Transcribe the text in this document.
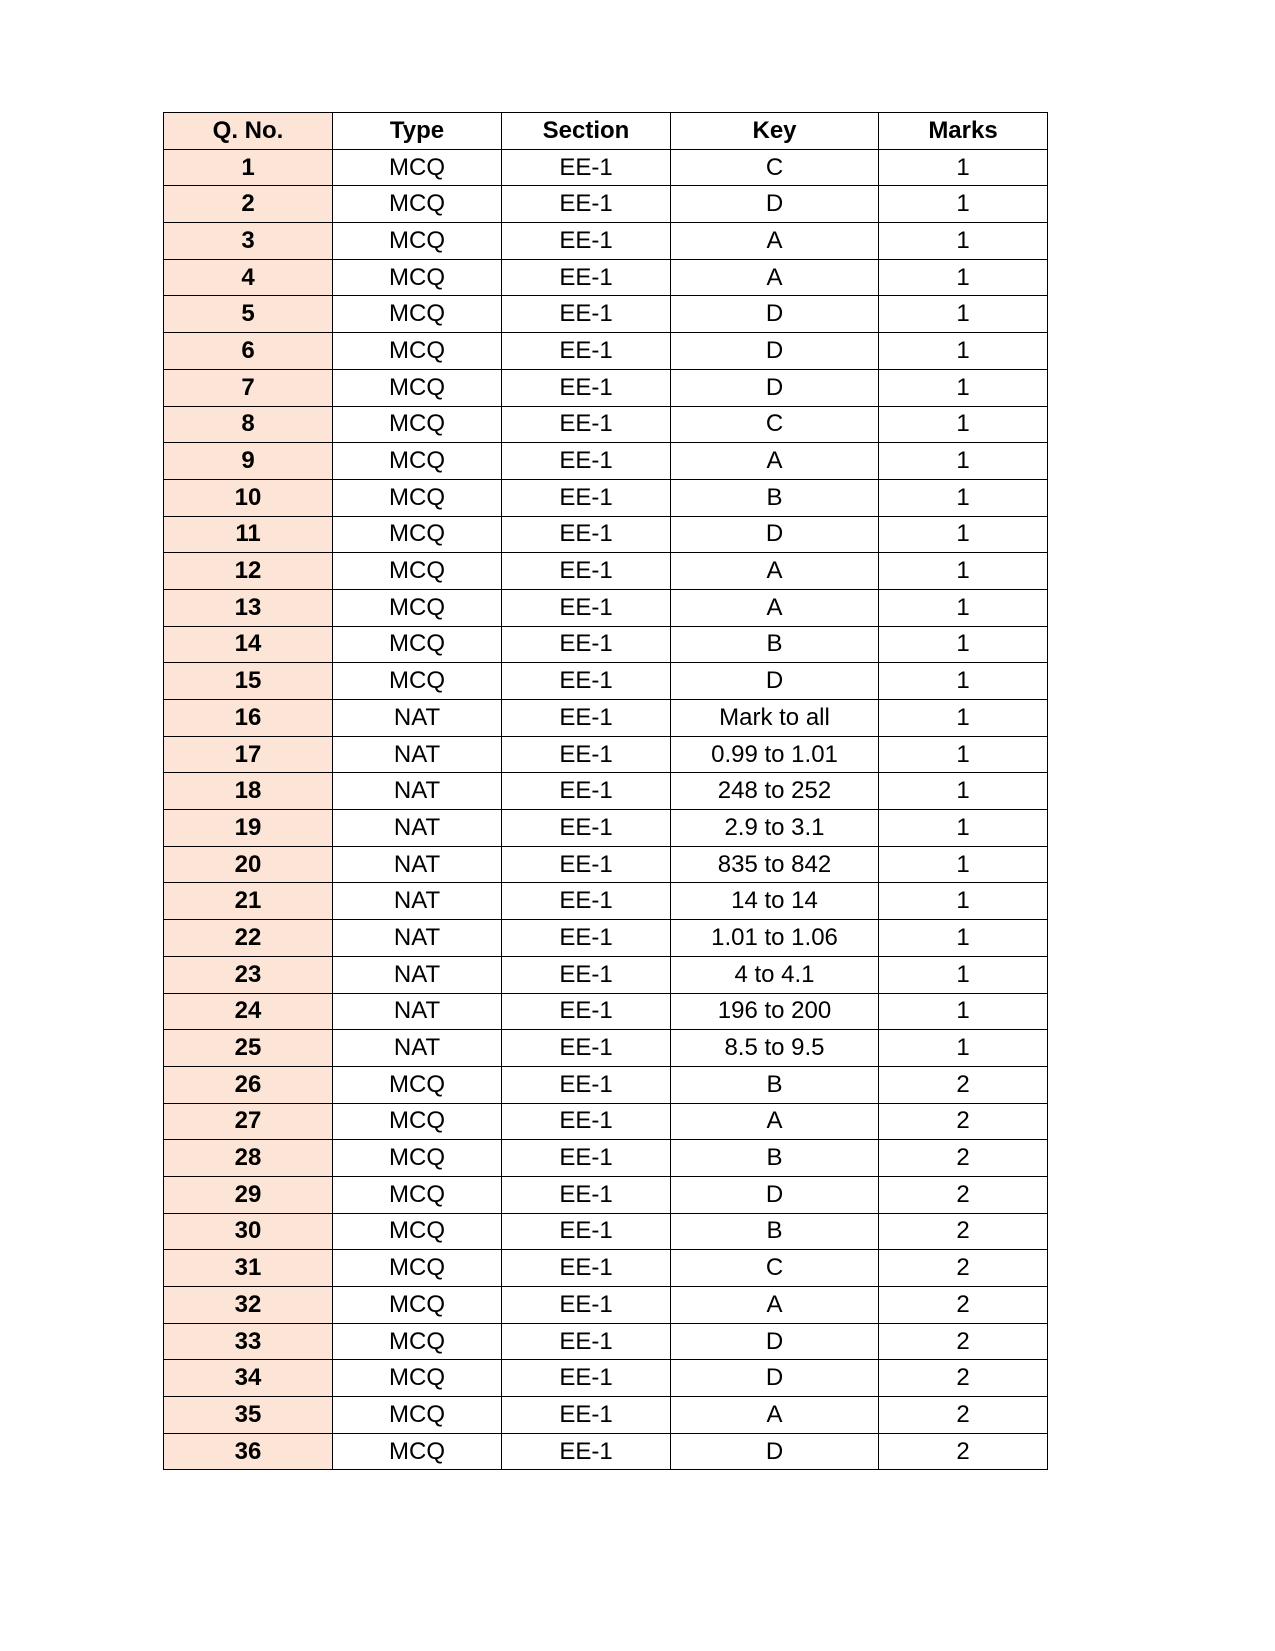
Q. No.	Type	Section	Key	Marks
1	MCQ	EE-1	C	1
2	MCQ	EE-1	D	1
3	MCQ	EE-1	A	1
4	MCQ	EE-1	A	1
5	MCQ	EE-1	D	1
6	MCQ	EE-1	D	1
7	MCQ	EE-1	D	1
8	MCQ	EE-1	C	1
9	MCQ	EE-1	A	1
10	MCQ	EE-1	B	1
11	MCQ	EE-1	D	1
12	MCQ	EE-1	A	1
13	MCQ	EE-1	A	1
14	MCQ	EE-1	B	1
15	MCQ	EE-1	D	1
16	NAT	EE-1	Mark to all	1
17	NAT	EE-1	0.99 to 1.01	1
18	NAT	EE-1	248 to 252	1
19	NAT	EE-1	2.9 to 3.1	1
20	NAT	EE-1	835 to 842	1
21	NAT	EE-1	14 to 14	1
22	NAT	EE-1	1.01 to 1.06	1
23	NAT	EE-1	4 to 4.1	1
24	NAT	EE-1	196 to 200	1
25	NAT	EE-1	8.5 to 9.5	1
26	MCQ	EE-1	B	2
27	MCQ	EE-1	A	2
28	MCQ	EE-1	B	2
29	MCQ	EE-1	D	2
30	MCQ	EE-1	B	2
31	MCQ	EE-1	C	2
32	MCQ	EE-1	A	2
33	MCQ	EE-1	D	2
34	MCQ	EE-1	D	2
35	MCQ	EE-1	A	2
36	MCQ	EE-1	D	2
